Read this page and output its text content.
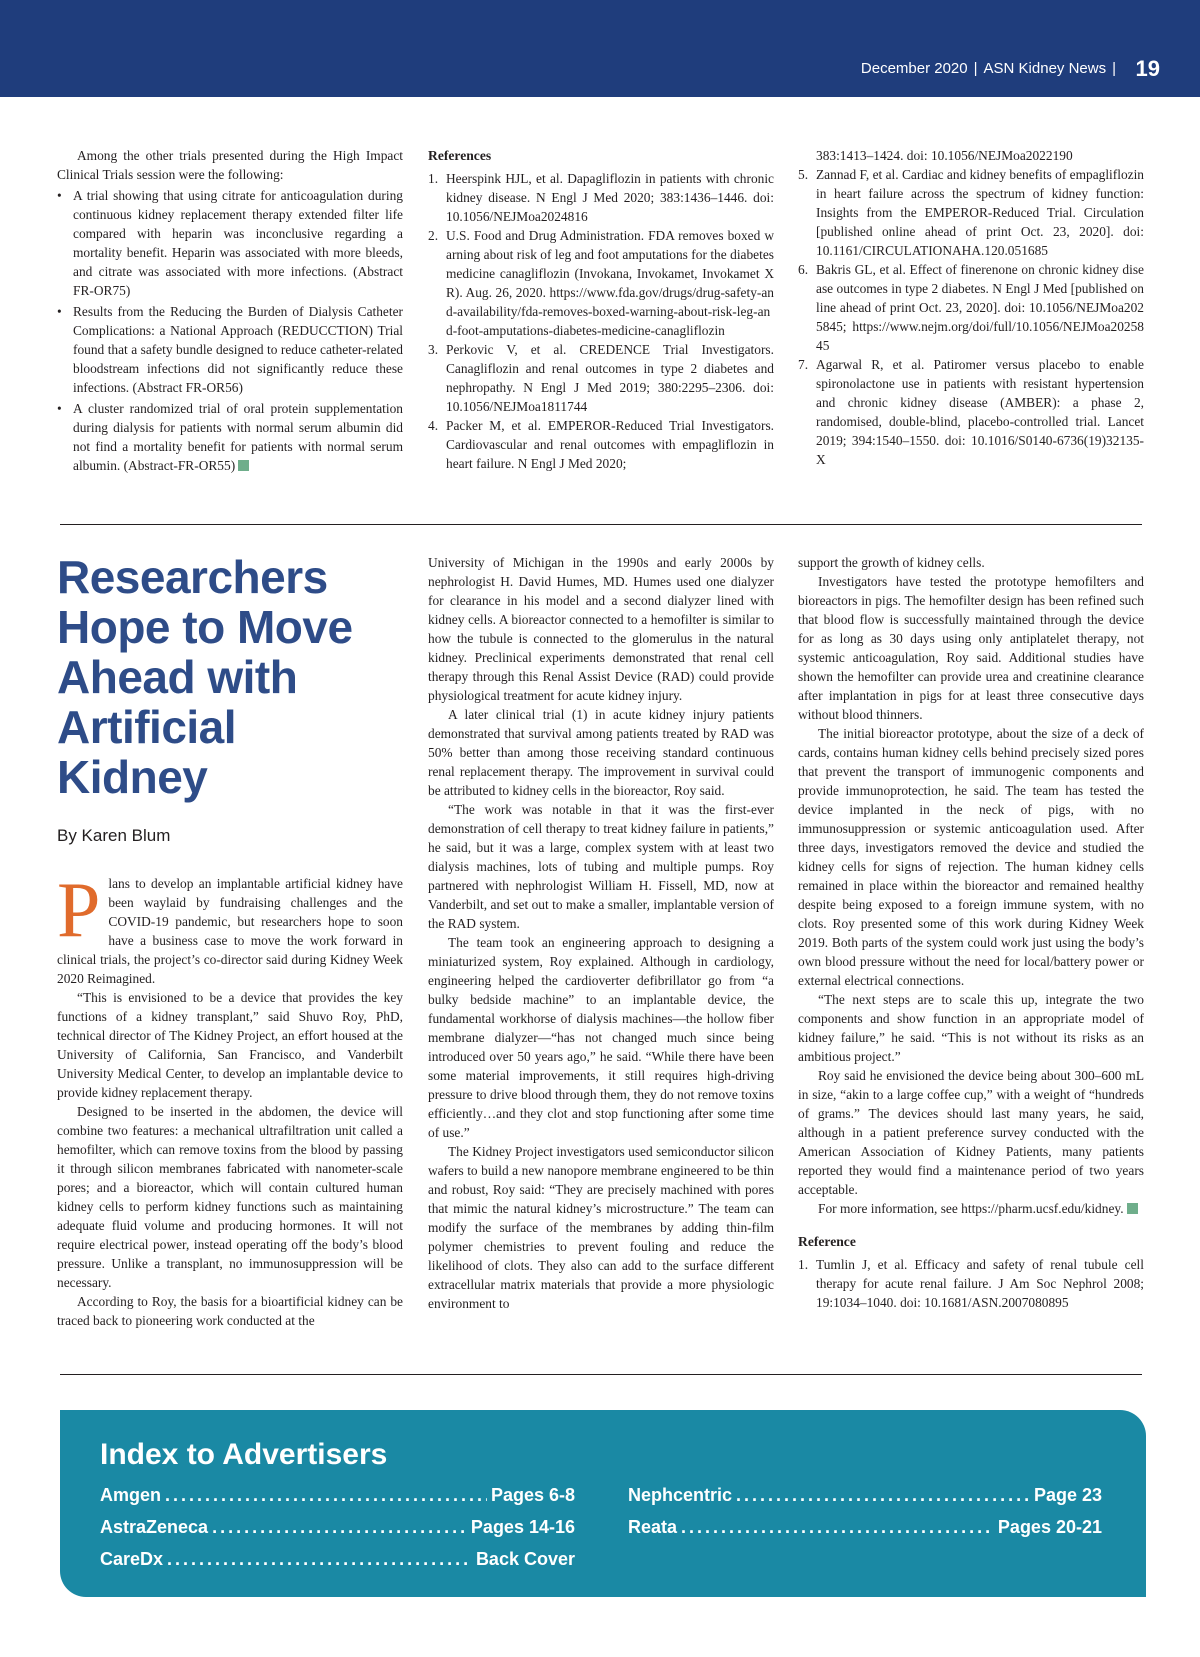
December 2020 | ASN Kidney News | 19

Among the other trials presented during the High Impact Clinical Trials session were the following:

• A trial showing that using citrate for anticoagulation during continuous kidney replacement therapy extended filter life compared with heparin was inconclusive regarding a mortality benefit. Heparin was associated with more bleeds, and citrate was associated with more infections. (Abstract FR-OR75)
• Results from the Reducing the Burden of Dialysis Catheter Complications: a National Approach (REDUCCTION) Trial found that a safety bundle designed to reduce catheter-related bloodstream infections did not significantly reduce these infections. (Abstract FR-OR56)
• A cluster randomized trial of oral protein supplementation during dialysis for patients with normal serum albumin did not find a mortality benefit for patients with normal serum albumin. (Abstract-FR-OR55)
References
1. Heerspink HJL, et al. Dapagliflozin in patients with chronic kidney disease. N Engl J Med 2020; 383:1436–1446. doi: 10.1056/NEJMoa2024816
2. U.S. Food and Drug Administration. FDA removes boxed warning about risk of leg and foot amputations for the diabetes medicine canagliflozin (Invokana, Invokamet, Invokamet XR). Aug. 26, 2020. https://www.fda.gov/drugs/drug-safety-and-availability/fda-removes-boxed-warning-about-risk-leg-and-foot-amputations-diabetes-medicine-canagliflozin
3. Perkovic V, et al. CREDENCE Trial Investigators. Canagliflozin and renal outcomes in type 2 diabetes and nephropathy. N Engl J Med 2019; 380:2295–2306. doi: 10.1056/NEJMoa1811744
4. Packer M, et al. EMPEROR-Reduced Trial Investigators. Cardiovascular and renal outcomes with empagliflozin in heart failure. N Engl J Med 2020;
383:1413–1424. doi: 10.1056/NEJMoa2022190
5. Zannad F, et al. Cardiac and kidney benefits of empagliflozin in heart failure across the spectrum of kidney function: Insights from the EMPEROR-Reduced Trial. Circulation [published online ahead of print Oct. 23, 2020]. doi: 10.1161/CIRCULATIONAHA.120.051685
6. Bakris GL, et al. Effect of finerenone on chronic kidney disease outcomes in type 2 diabetes. N Engl J Med [published online ahead of print Oct. 23, 2020]. doi: 10.1056/NEJMoa2025845; https://www.nejm.org/doi/full/10.1056/NEJMoa2025845
7. Agarwal R, et al. Patiromer versus placebo to enable spironolactone use in patients with resistant hypertension and chronic kidney disease (AMBER): a phase 2, randomised, double-blind, placebo-controlled trial. Lancet 2019; 394:1540–1550. doi: 10.1016/S0140-6736(19)32135-X
Researchers Hope to Move Ahead with Artificial Kidney
By Karen Blum

Plans to develop an implantable artificial kidney have been waylaid by fundraising challenges and the COVID-19 pandemic, but researchers hope to soon have a business case to move the work forward in clinical trials, the project’s co-director said during Kidney Week 2020 Reimagined.

“This is envisioned to be a device that provides the key functions of a kidney transplant,” said Shuvo Roy, PhD, technical director of The Kidney Project, an effort housed at the University of California, San Francisco, and Vanderbilt University Medical Center, to develop an implantable device to provide kidney replacement therapy.

Designed to be inserted in the abdomen, the device will combine two features: a mechanical ultrafiltration unit called a hemofilter, which can remove toxins from the blood by passing it through silicon membranes fabricated with nanometer-scale pores; and a bioreactor, which will contain cultured human kidney cells to perform kidney functions such as maintaining adequate fluid volume and producing hormones. It will not require electrical power, instead operating off the body’s blood pressure. Unlike a transplant, no immunosuppression will be necessary.

According to Roy, the basis for a bioartificial kidney can be traced back to pioneering work conducted at the

University of Michigan in the 1990s and early 2000s by nephrologist H. David Humes, MD. Humes used one dialyzer for clearance in his model and a second dialyzer lined with kidney cells. A bioreactor connected to a hemofilter is similar to how the tubule is connected to the glomerulus in the natural kidney. Preclinical experiments demonstrated that renal cell therapy through this Renal Assist Device (RAD) could provide physiological treatment for acute kidney injury.

A later clinical trial (1) in acute kidney injury patients demonstrated that survival among patients treated by RAD was 50% better than among those receiving standard continuous renal replacement therapy. The improvement in survival could be attributed to kidney cells in the bioreactor, Roy said.

“The work was notable in that it was the first-ever demonstration of cell therapy to treat kidney failure in patients,” he said, but it was a large, complex system with at least two dialysis machines, lots of tubing and multiple pumps. Roy partnered with nephrologist William H. Fissell, MD, now at Vanderbilt, and set out to make a smaller, implantable version of the RAD system.

The team took an engineering approach to designing a miniaturized system, Roy explained. Although in cardiology, engineering helped the cardioverter defibrillator go from “a bulky bedside machine” to an implantable device, the fundamental workhorse of dialysis machines—the hollow fiber membrane dialyzer—“has not changed much since being introduced over 50 years ago,” he said. “While there have been some material improvements, it still requires high-driving pressure to drive blood through them, they do not remove toxins efficiently…and they clot and stop functioning after some time of use.”

The Kidney Project investigators used semiconductor silicon wafers to build a new nanopore membrane engineered to be thin and robust, Roy said: “They are precisely machined with pores that mimic the natural kidney’s microstructure.” The team can modify the surface of the membranes by adding thin-film polymer chemistries to prevent fouling and reduce the likelihood of clots. They also can add to the surface different extracellular matrix materials that provide a more physiologic environment to

support the growth of kidney cells.

Investigators have tested the prototype hemofilters and bioreactors in pigs. The hemofilter design has been refined such that blood flow is successfully maintained through the device for as long as 30 days using only antiplatelet therapy, not systemic anticoagulation, Roy said. Additional studies have shown the hemofilter can provide urea and creatinine clearance after implantation in pigs for at least three consecutive days without blood thinners.

The initial bioreactor prototype, about the size of a deck of cards, contains human kidney cells behind precisely sized pores that prevent the transport of immunogenic components and provide immunoprotection, he said. The team has tested the device implanted in the neck of pigs, with no immunosuppression or systemic anticoagulation used. After three days, investigators removed the device and studied the kidney cells for signs of rejection. The human kidney cells remained in place within the bioreactor and remained healthy despite being exposed to a foreign immune system, with no clots. Roy presented some of this work during Kidney Week 2019. Both parts of the system could work just using the body’s own blood pressure without the need for local/battery power or external electrical connections.

“The next steps are to scale this up, integrate the two components and show function in an appropriate model of kidney failure,” he said. “This is not without its risks as an ambitious project.”

Roy said he envisioned the device being about 300–600 mL in size, “akin to a large coffee cup,” with a weight of “hundreds of grams.” The devices should last many years, he said, although in a patient preference survey conducted with the American Association of Kidney Patients, many patients reported they would find a maintenance period of two years acceptable.

For more information, see https://pharm.ucsf.edu/kidney.

Reference
1. Tumlin J, et al. Efficacy and safety of renal tubule cell therapy for acute renal failure. J Am Soc Nephrol 2008; 19:1034–1040. doi: 10.1681/ASN.2007080895
Index to Advertisers
Amgen .....	Pages 6-8
AstraZeneca .....	Pages 14-16
CareDx .....	Back Cover
Nephcentric .....	Page 23
Reata .....	Pages 20-21
